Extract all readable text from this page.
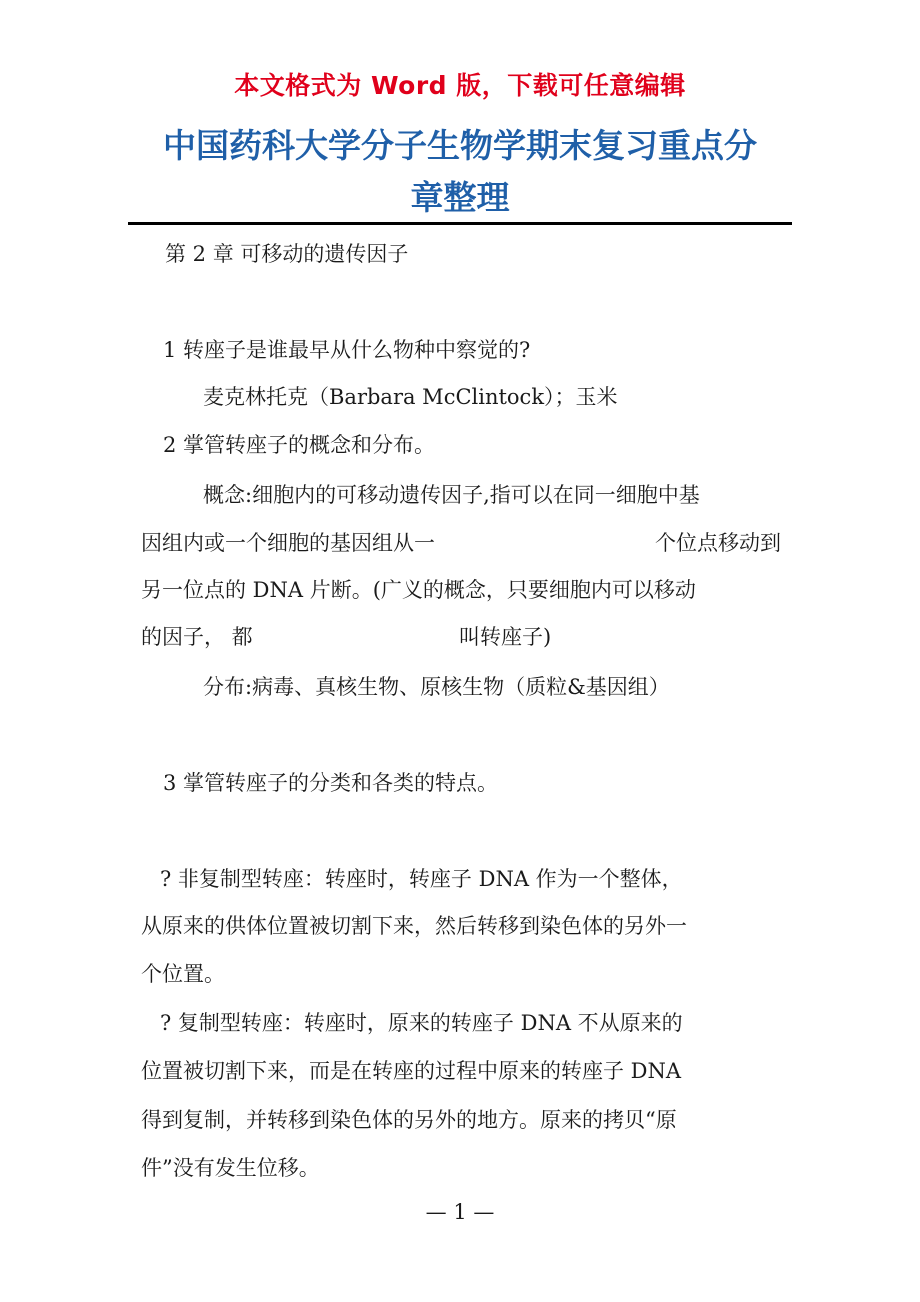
本文格式为 Word 版，下载可任意编辑
中国药科大学分子生物学期末复习重点分
章整理
第 2 章 可移动的遗传因子
1 转座子是谁最早从什么物种中察觉的?
麦克林托克（Barbara McClintock）；玉米
2 掌管转座子的概念和分布。
概念:细胞内的可移动遗传因子,指可以在同一细胞中基
因组内或一个细胞的基因组从一	个位点移动到
另一位点的 DNA 片断。(广义的概念，只要细胞内可以移动
的因子， 都	叫转座子)
分布:病毒、真核生物、原核生物（质粒&基因组）
3 掌管转座子的分类和各类的特点。
? 非复制型转座：转座时，转座子 DNA 作为一个整体，
从原来的供体位置被切割下来，然后转移到染色体的另外一
个位置。
? 复制型转座：转座时，原来的转座子 DNA 不从原来的
位置被切割下来，而是在转座的过程中原来的转座子 DNA
得到复制，并转移到染色体的另外的地方。原来的拷贝“原
件”没有发生位移。
— 1 —
